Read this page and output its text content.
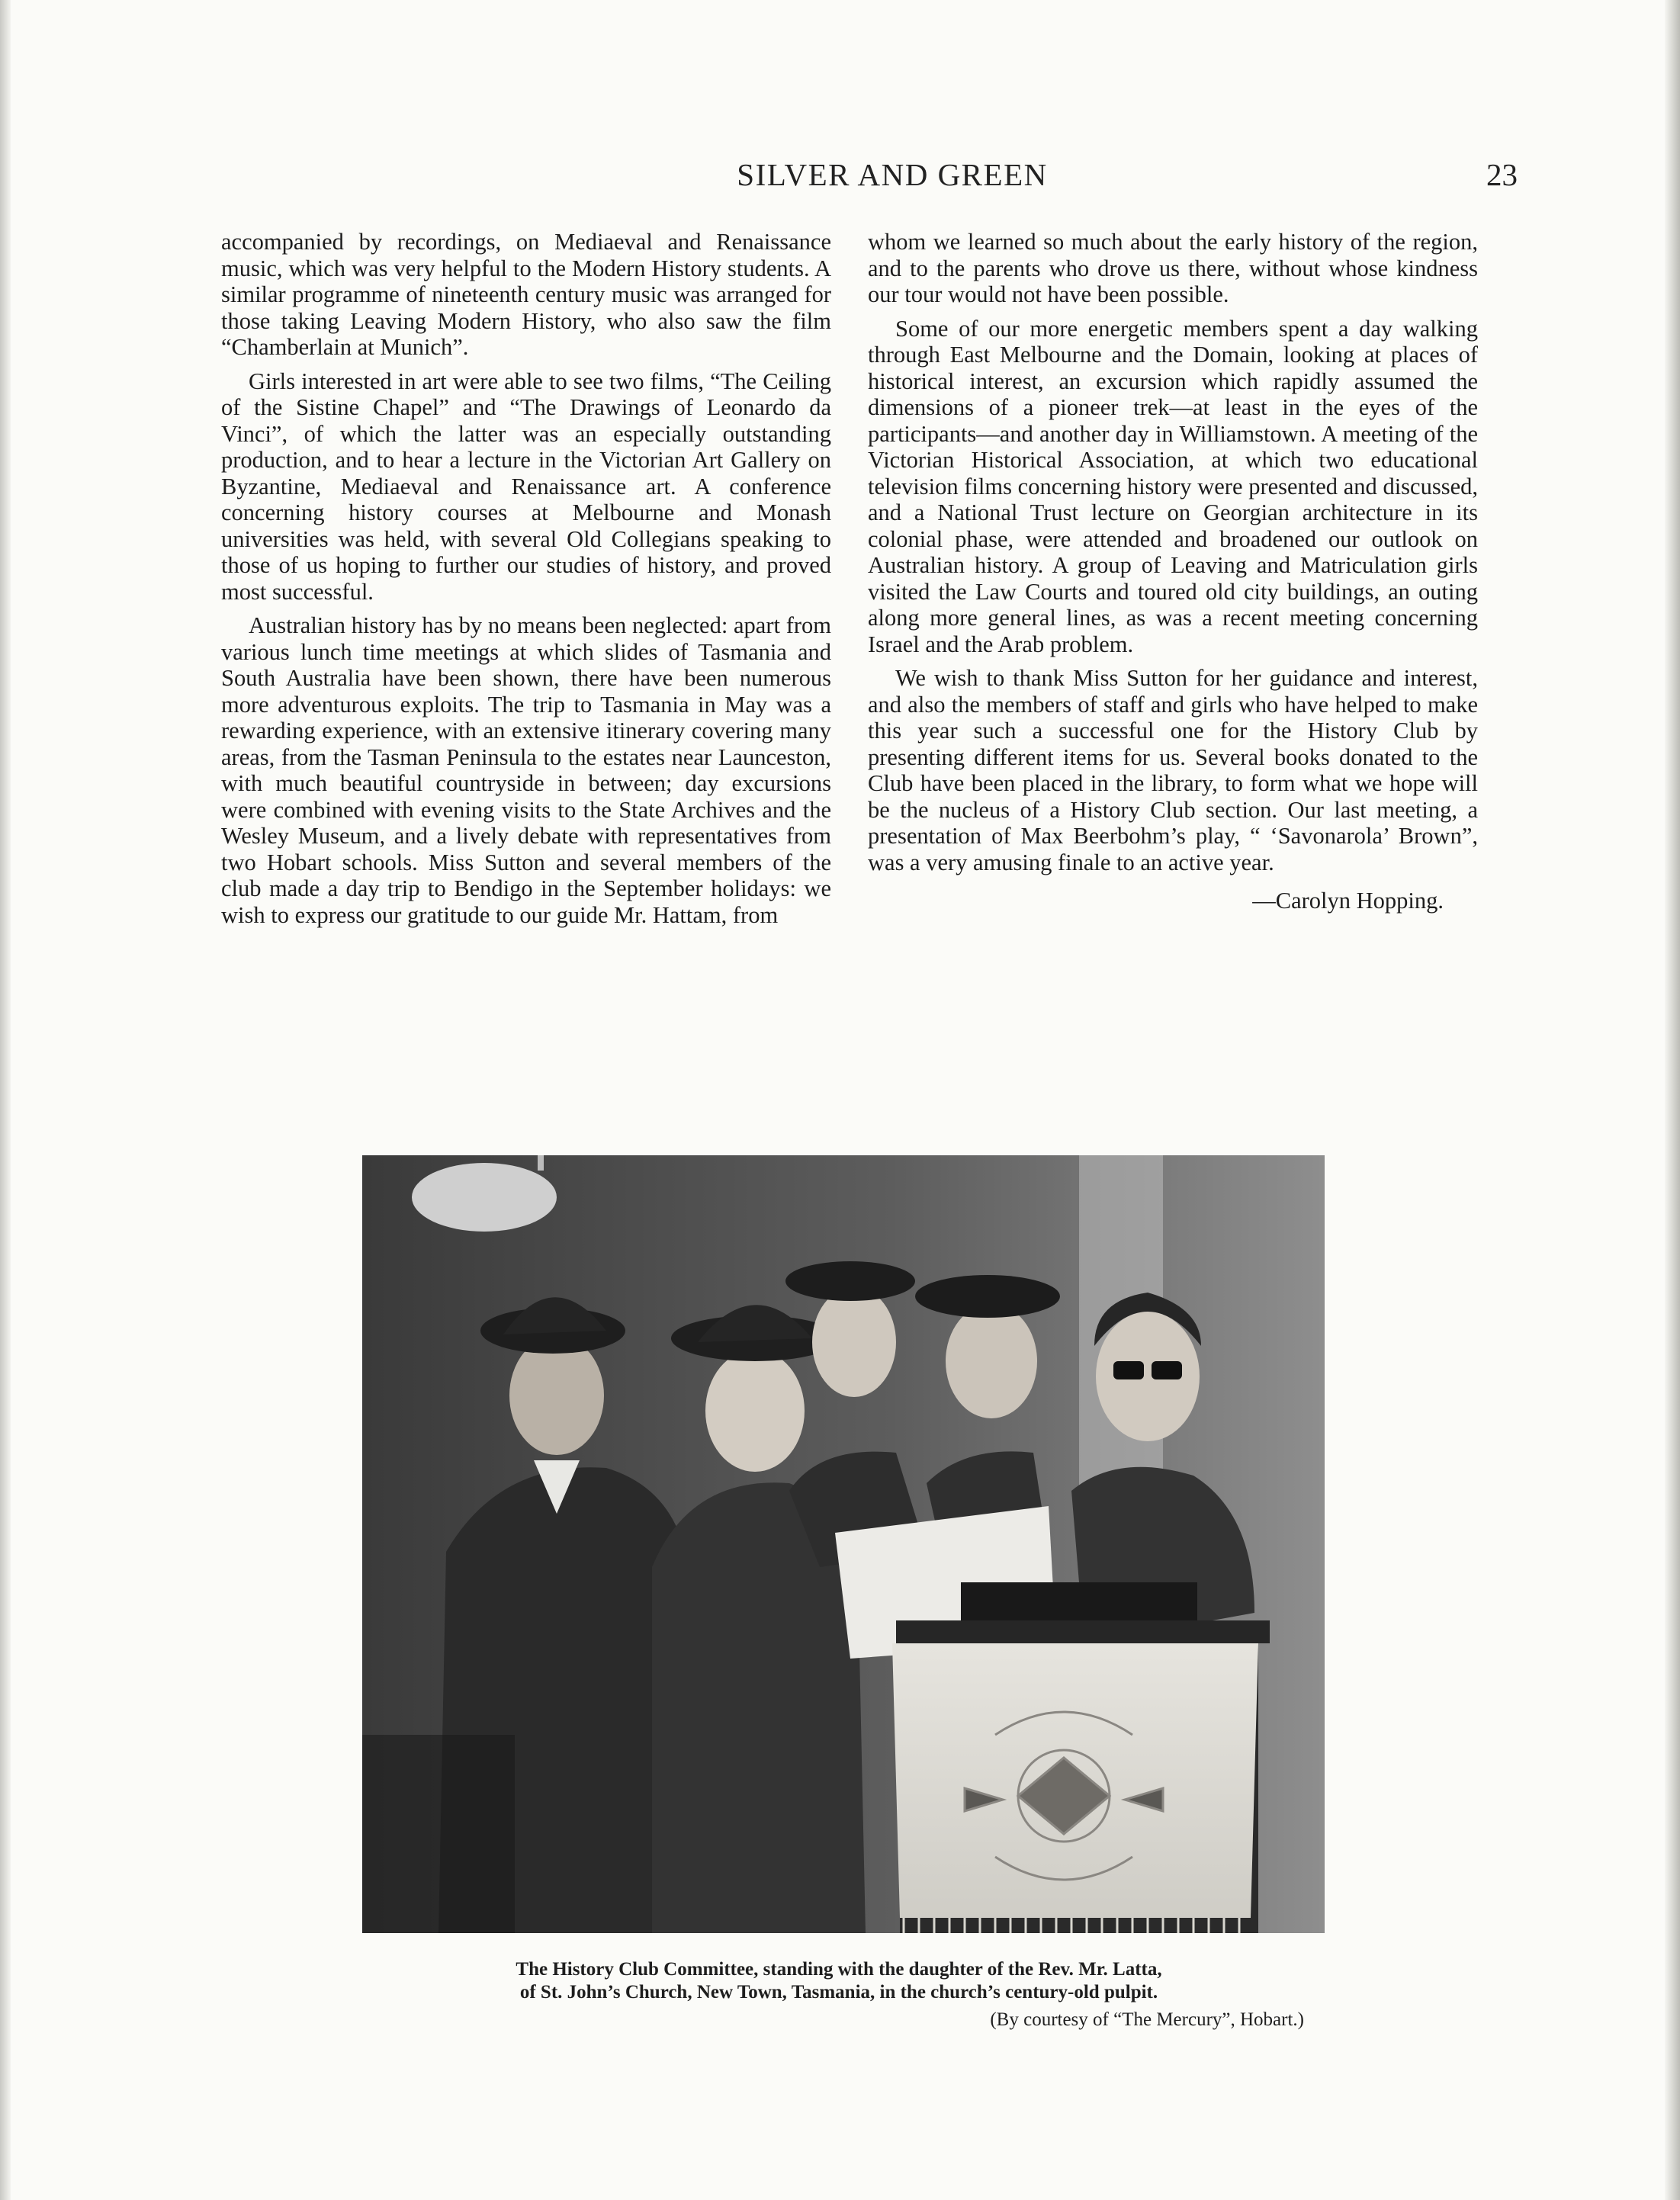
SILVER AND GREEN	23

accompanied by recordings, on Mediaeval and Renaissance music, which was very helpful to the Modern History students. A similar programme of nineteenth century music was arranged for those taking Leaving Modern History, who also saw the film “Chamberlain at Munich”.

Girls interested in art were able to see two films, “The Ceiling of the Sistine Chapel” and “The Drawings of Leonardo da Vinci”, of which the latter was an especially outstanding production, and to hear a lecture in the Victorian Art Gallery on Byzantine, Mediaeval and Renaissance art. A conference concerning history courses at Melbourne and Monash universities was held, with several Old Collegians speaking to those of us hoping to further our studies of history, and proved most successful.

Australian history has by no means been neglected: apart from various lunch time meetings at which slides of Tasmania and South Australia have been shown, there have been numerous more adventurous exploits. The trip to Tasmania in May was a rewarding experience, with an extensive itinerary covering many areas, from the Tasman Peninsula to the estates near Launceston, with much beautiful countryside in between; day excursions were combined with evening visits to the State Archives and the Wesley Museum, and a lively debate with representatives from two Hobart schools. Miss Sutton and several members of the club made a day trip to Bendigo in the September holidays: we wish to express our gratitude to our guide Mr. Hattam, from

whom we learned so much about the early history of the region, and to the parents who drove us there, without whose kindness our tour would not have been possible.

Some of our more energetic members spent a day walking through East Melbourne and the Domain, looking at places of historical interest, an excursion which rapidly assumed the dimensions of a pioneer trek—at least in the eyes of the participants—and another day in Williamstown. A meeting of the Victorian Historical Association, at which two educational television films concerning history were presented and discussed, and a National Trust lecture on Georgian architecture in its colonial phase, were attended and broadened our outlook on Australian history. A group of Leaving and Matriculation girls visited the Law Courts and toured old city buildings, an outing along more general lines, as was a recent meeting concerning Israel and the Arab problem.

We wish to thank Miss Sutton for her guidance and interest, and also the members of staff and girls who have helped to make this year such a successful one for the History Club by presenting different items for us. Several books donated to the Club have been placed in the library, to form what we hope will be the nucleus of a History Club section. Our last meeting, a presentation of Max Beerbohm’s play, “ ‘Savonarola’ Brown”, was a very amusing finale to an active year.

—Carolyn Hopping.

The History Club Committee, standing with the daughter of the Rev. Mr. Latta,
of St. John’s Church, New Town, Tasmania, in the church’s century-old pulpit.
(By courtesy of “The Mercury”, Hobart.)
